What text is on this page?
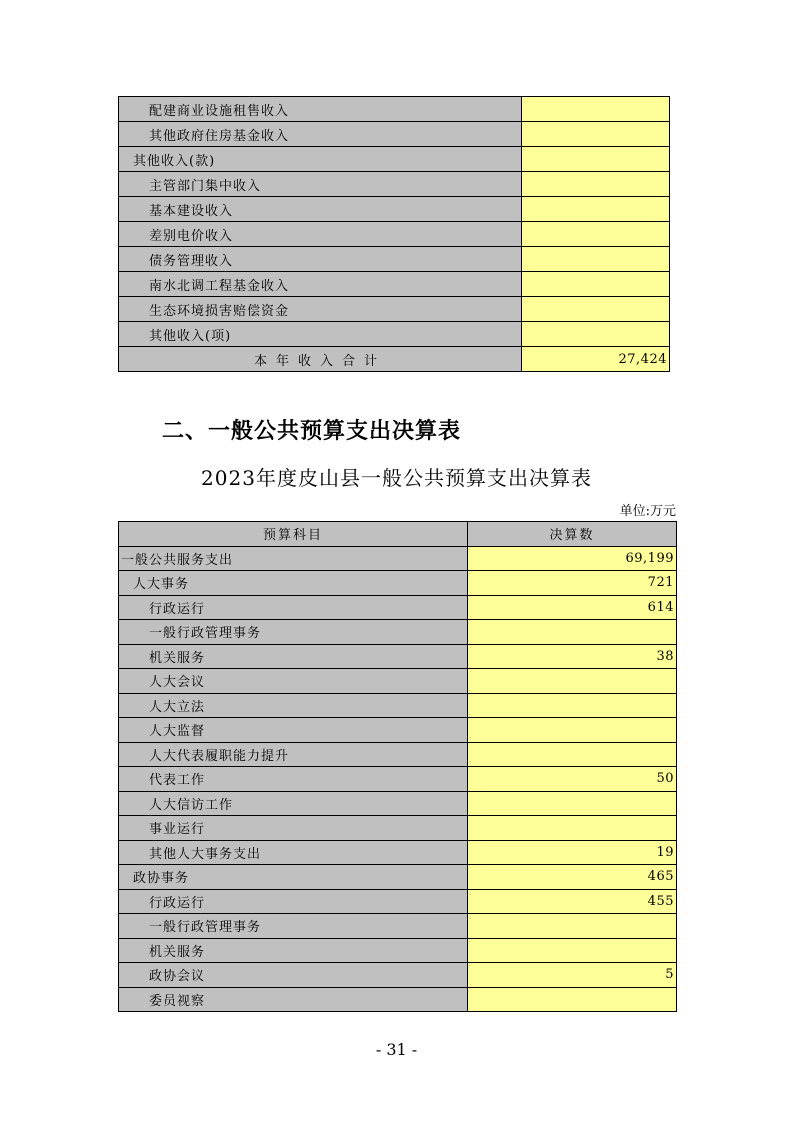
配建商业设施租售收入	
其他政府住房基金收入	
其他收入(款)	
主管部门集中收入	
基本建设收入	
差别电价收入	
债务管理收入	
南水北调工程基金收入	
生态环境损害赔偿资金	
其他收入(项)	
本年收入合计	27,424
二、一般公共预算支出决算表
2023年度皮山县一般公共预算支出决算表
单位:万元
预算科目	决算数
一般公共服务支出	69,199
人大事务	721
行政运行	614
一般行政管理事务	
机关服务	38
人大会议	
人大立法	
人大监督	
人大代表履职能力提升	
代表工作	50
人大信访工作	
事业运行	
其他人大事务支出	19
政协事务	465
行政运行	455
一般行政管理事务	
机关服务	
政协会议	5
委员视察	
- 31 -
